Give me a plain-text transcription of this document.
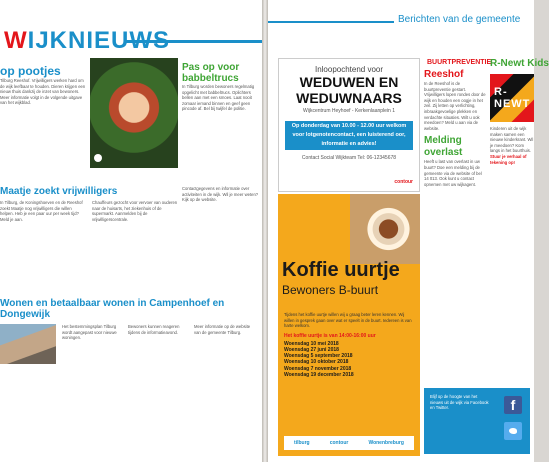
WIJKNIEUWS
op pootjes
Tilburg Reeshof. Vrijwilligers werken hard om de wijk leefbaar te houden. Dieren krijgen een nieuw thuis dankzij de inzet van bewoners. Meer informatie volgt in de volgende uitgave van het wijkblad.
Pas op voor babbeltrucs
In Tilburg worden bewoners regelmatig opgelicht met babbeltrucs. Oplichters bellen aan met een smoes. Laat nooit zomaar iemand binnen en geef geen pincode af. Bel bij twijfel de politie.
Maatje zoekt vrijwilligers
In Tilburg, de Koningshoeven en de Reeshof zoekt Maatje nog vrijwilligers die willen helpen. Heb je een paar uur per week tijd? Meld je aan.
Chauffeurs gezocht voor vervoer van ouderen naar de huisarts, het ziekenhuis of de supermarkt. Aanmelden bij de vrijwilligerscentrale.
Contactgegevens en informatie over activiteiten in de wijk. Wil je meer weten? Kijk op de website.
Wonen en betaalbaar wonen in Campenhoef en Dongewijk
Het bestemmingsplan Tilburg wordt aangepast voor nieuwe woningen.
Bewoners kunnen reageren tijdens de informatieavond.
Meer informatie op de website van de gemeente Tilburg.
Berichten van de gemeente
Inloopochtend voor
WEDUWEN EN
WEDUWNAARS
Wijkcentrum Heyhoef - Kerkenlaanplein 1
Op donderdag van 10.00 - 12.00 uur welkom voor lotgenotencontact, een luisterend oor, informatie en advies!
Contact Social Wijkteam Tel: 06-12345678
contour
Koffie uurtje
Bewoners B-buurt
Tijdens het koffie uurtje willen wij u graag beter leren kennen. Wij willen in gesprek gaan over wat er speelt in de buurt. Iedereen is van harte welkom.
Het koffie uurtje is van 14:00-16:00 uur
Woensdag 10 mei 2018
Woensdag 27 juni 2018
Woensdag 5 september 2018
Woensdag 10 oktober 2018
Woensdag 7 november 2018
Woensdag 19 december 2018
tilburg	contour	Wonenbreburg
BUURTPREVENTIE
Reeshof
In de Reeshof is de buurtpreventie gestart. Vrijwilligers lopen rondes door de wijk en houden een oogje in het zeil. Zij letten op verlichting, inbraakgevoelige plekken en verdachte situaties. Wilt u ook meedoen? Meld u aan via de website.
Melding overlast
Heeft u last van overlast in uw buurt? Doe een melding bij de gemeente via de website of bel 14 013. Ook kunt u contact opnemen met uw wijkagent.
R-Newt Kids
R-NEWT
Kinderen uit de wijk maken samen een nieuwe kinderkrant. Wil je meedoen? Kom langs in het buurthuis.
Stuur je verhaal of tekening op!
Blijf op de hoogte van het nieuws uit de wijk via Facebook en Twitter.	f
